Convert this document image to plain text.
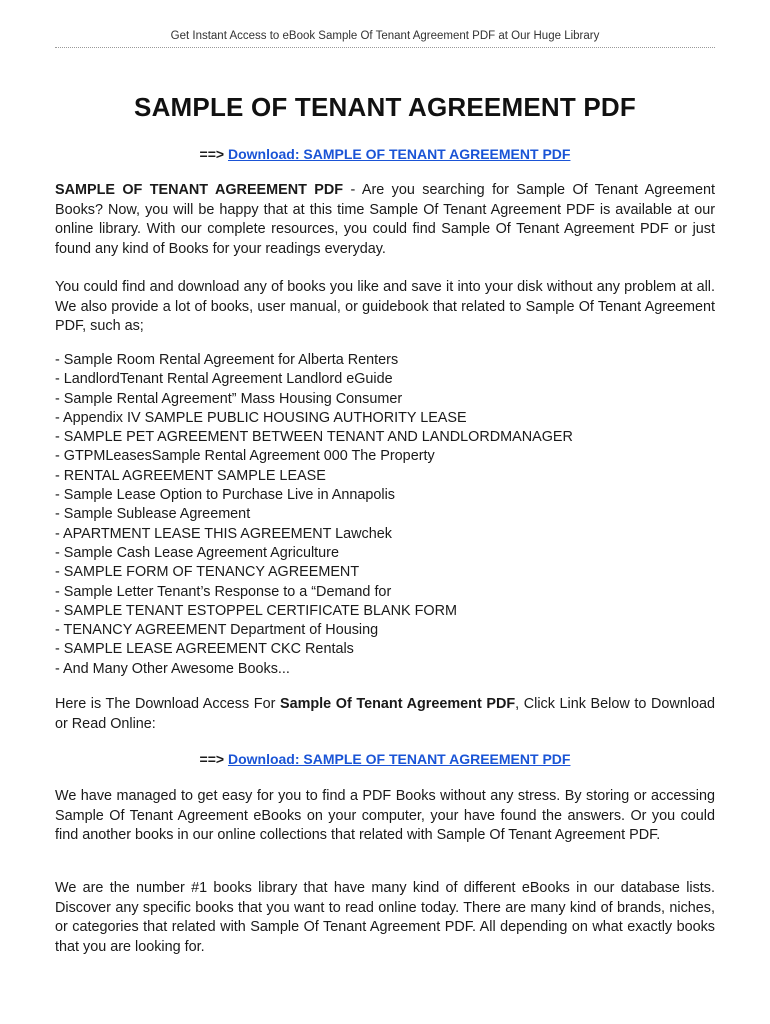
Get Instant Access to eBook Sample Of Tenant Agreement PDF at Our Huge Library
SAMPLE OF TENANT AGREEMENT PDF
==> Download: SAMPLE OF TENANT AGREEMENT PDF

SAMPLE OF TENANT AGREEMENT PDF - Are you searching for Sample Of Tenant Agreement Books? Now, you will be happy that at this time Sample Of Tenant Agreement PDF is available at our online library. With our complete resources, you could find Sample Of Tenant Agreement PDF or just found any kind of Books for your readings everyday.

You could find and download any of books you like and save it into your disk without any problem at all. We also provide a lot of books, user manual, or guidebook that related to Sample Of Tenant Agreement PDF, such as;

- Sample Room Rental Agreement for Alberta Renters
- LandlordTenant Rental Agreement Landlord eGuide
- Sample Rental Agreement” Mass Housing Consumer
- Appendix IV SAMPLE PUBLIC HOUSING AUTHORITY LEASE
- SAMPLE PET AGREEMENT BETWEEN TENANT AND LANDLORDMANAGER
- GTPMLeasesSample Rental Agreement 000 The Property
- RENTAL AGREEMENT SAMPLE LEASE
- Sample Lease Option to Purchase Live in Annapolis
- Sample Sublease Agreement
- APARTMENT LEASE THIS AGREEMENT Lawchek
- Sample Cash Lease Agreement Agriculture
- SAMPLE FORM OF TENANCY AGREEMENT
- Sample Letter Tenant’s Response to a “Demand for
- SAMPLE TENANT ESTOPPEL CERTIFICATE BLANK FORM
- TENANCY AGREEMENT Department of Housing
- SAMPLE LEASE AGREEMENT CKC Rentals
- And Many Other Awesome Books...

Here is The Download Access For Sample Of Tenant Agreement PDF, Click Link Below to Download or Read Online:

==> Download: SAMPLE OF TENANT AGREEMENT PDF

We have managed to get easy for you to find a PDF Books without any stress. By storing or accessing Sample Of Tenant Agreement eBooks on your computer, your have found the answers. Or you could find another books in our online collections that related with Sample Of Tenant Agreement PDF.

We are the number #1 books library that have many kind of different eBooks in our database lists. Discover any specific books that you want to read online today. There are many kind of brands, niches, or categories that related with Sample Of Tenant Agreement PDF. All depending on what exactly books that you are looking for.
